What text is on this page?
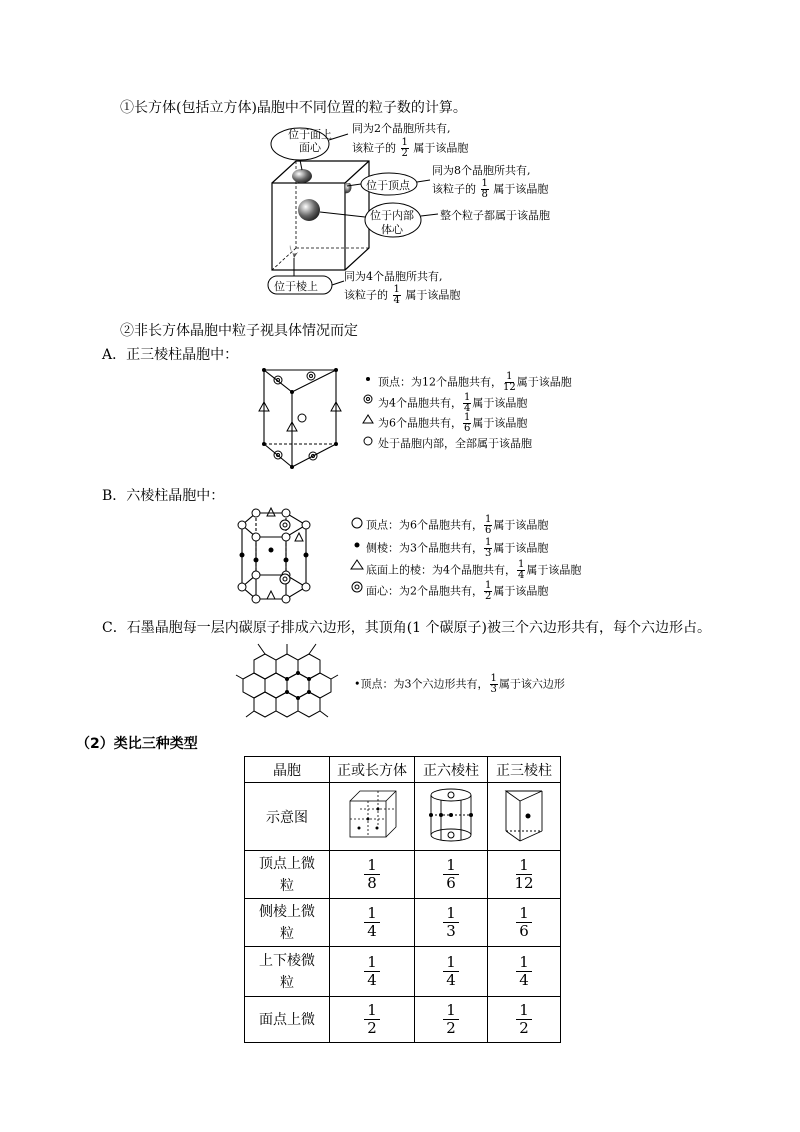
①长方体(包括立方体)晶胞中不同位置的粒子数的计算。
位于面上
面心
同为2个晶胞所共有,
该粒子的 $\frac{1}{2}$ 属于该晶胞
位于顶点
同为8个晶胞所共有,
该粒子的 $\frac{1}{8}$ 属于该晶胞
位于内部
体心
整个粒子都属于该晶胞
位于棱上
同为4个晶胞所共有,
该粒子的 $\frac{1}{4}$ 属于该晶胞
②非长方体晶胞中粒子视具体情况而定
A．正三棱柱晶胞中：
顶点：为12个晶胞共有， $\frac{1}{12}$ 属于该晶胞
为4个晶胞共有， $\frac{1}{4}$ 属于该晶胞
为6个晶胞共有， $\frac{1}{6}$ 属于该晶胞
处于晶胞内部，全部属于该晶胞
B．六棱柱晶胞中：
顶点：为6个晶胞共有， $\frac{1}{6}$ 属于该晶胞
侧棱：为3个晶胞共有， $\frac{1}{3}$ 属于该晶胞
底面上的棱：为4个晶胞共有， $\frac{1}{4}$ 属于该晶胞
面心：为2个晶胞共有， $\frac{1}{2}$ 属于该晶胞
C．石墨晶胞每一层内碳原子排成六边形，其顶角(1 个碳原子)被三个六边形共有，每个六边形占。
•顶点：为3个六边形共有， $\frac{1}{3}$ 属于该六边形
（2）类比三种类型
晶胞	正或长方体	正六棱柱	正三棱柱
示意图			
顶点上微粒	$\frac{1}{8}$	$\frac{1}{6}$	$\frac{1}{12}$

侧棱上微粒	$\frac{1}{4}$	$\frac{1}{3}$	$\frac{1}{6}$

上下棱微粒	$\frac{1}{4}$	$\frac{1}{4}$	$\frac{1}{4}$

面点上微	$\frac{1}{2}$	$\frac{1}{2}$	$\frac{1}{2}$
